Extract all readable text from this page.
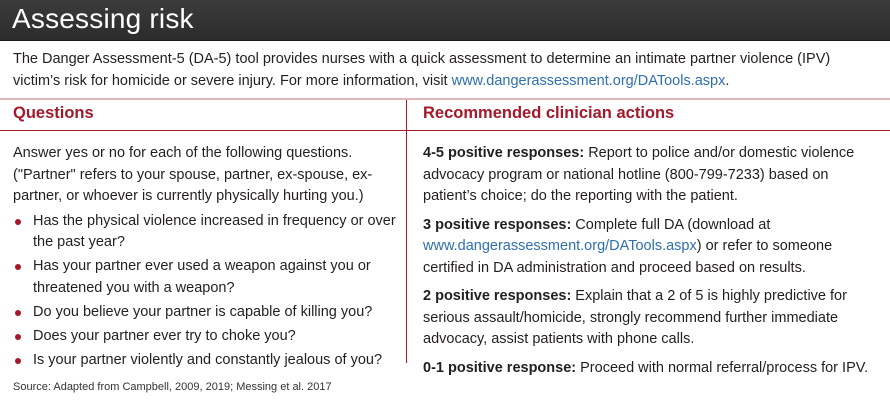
Assessing risk
The Danger Assessment-5 (DA-5) tool provides nurses with a quick assessment to determine an intimate partner violence (IPV) victim’s risk for homicide or severe injury. For more information, visit www.dangerassessment.org/DATools.aspx.
Questions	Recommended clinician actions
Answer yes or no for each of the following questions. ("Partner" refers to your spouse, partner, ex-spouse, ex-partner, or whoever is currently physically hurting you.)
Has the physical violence increased in frequency or over the past year?
Has your partner ever used a weapon against you or threatened you with a weapon?
Do you believe your partner is capable of killing you?
Does your partner ever try to choke you?
Is your partner violently and constantly jealous of you?

4-5 positive responses: Report to police and/or domestic violence advocacy program or national hotline (800-799-7233) based on patient’s choice; do the reporting with the patient.

3 positive responses: Complete full DA (download at www.dangerassessment.org/DATools.aspx) or refer to someone certified in DA administration and proceed based on results.

2 positive responses: Explain that a 2 of 5 is highly predictive for serious assault/homicide, strongly recommend further immediate advocacy, assist patients with phone calls.

0-1 positive response: Proceed with normal referral/process for IPV.

Source: Adapted from Campbell, 2009, 2019; Messing et al. 2017
